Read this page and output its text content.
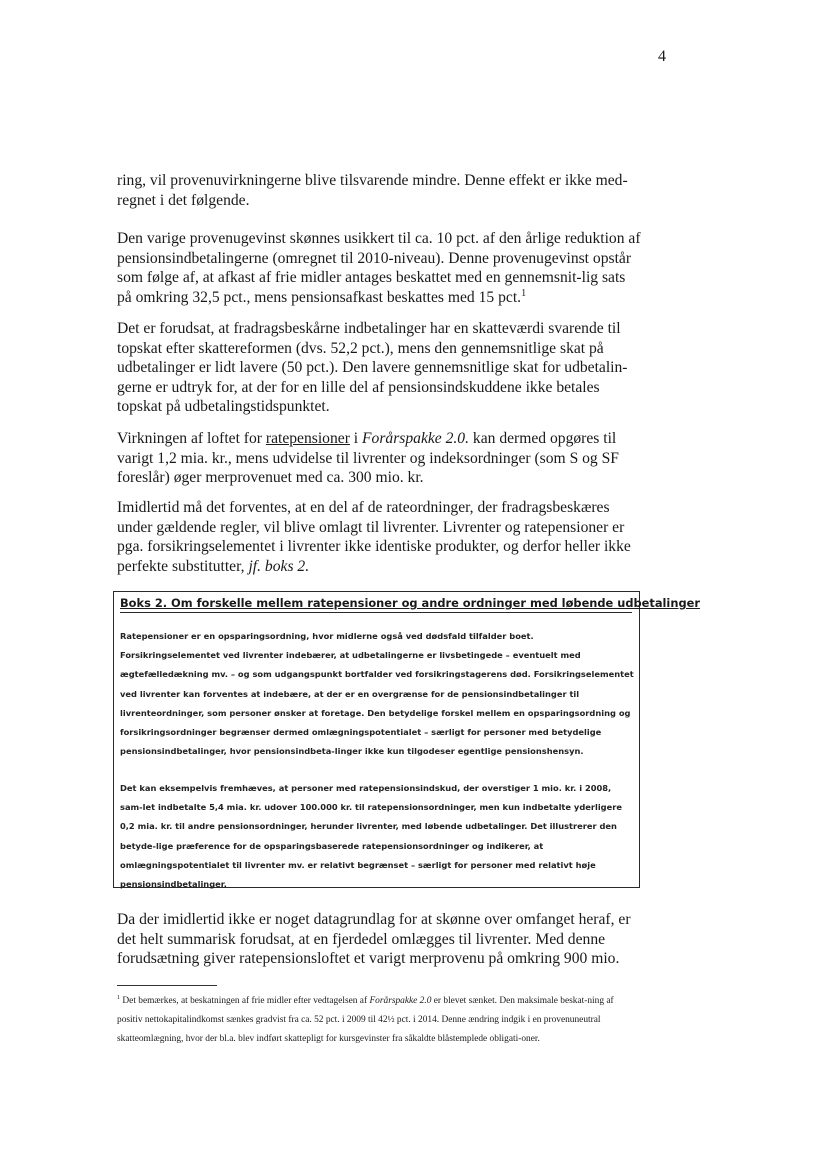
4

ring, vil provenuvirkningerne blive tilsvarende mindre. Denne effekt er ikke med-regnet i det følgende.

Den varige provenugevinst skønnes usikkert til ca. 10 pct. af den årlige reduktion af pensionsindbetalingerne (omregnet til 2010-niveau). Denne provenugevinst opstår som følge af, at afkast af frie midler antages beskattet med en gennemsnit-lig sats på omkring 32,5 pct., mens pensionsafkast beskattes med 15 pct.$^1$

Det er forudsat, at fradragsbeskårne indbetalinger har en skatteværdi svarende til topskat efter skattereformen (dvs. 52,2 pct.), mens den gennemsnitlige skat på udbetalinger er lidt lavere (50 pct.). Den lavere gennemsnitlige skat for udbetalin-gerne er udtryk for, at der for en lille del af pensionsindskuddene ikke betales topskat på udbetalingstidspunktet.

Virkningen af loftet for ratepensioner i Forårspakke 2.0. kan dermed opgøres til varigt 1,2 mia. kr., mens udvidelse til livrenter og indeksordninger (som S og SF foreslår) øger merprovenuet med ca. 300 mio. kr.

Imidlertid må det forventes, at en del af de rateordninger, der fradragsbeskæres under gældende regler, vil blive omlagt til livrenter. Livrenter og ratepensioner er pga. forsikringselementet i livrenter ikke identiske produkter, og derfor heller ikke perfekte substitutter, jf. boks 2.

Boks 2. Om forskelle mellem ratepensioner og andre ordninger med løbende udbetalinger

Ratepensioner er en opsparingsordning, hvor midlerne også ved dødsfald tilfalder boet. Forsikringselementet ved livrenter indebærer, at udbetalingerne er livsbetingede – eventuelt med ægtefælledækning mv. – og som udgangspunkt bortfalder ved forsikringstagerens død. Forsikringselementet ved livrenter kan forventes at indebære, at der er en overgrænse for de pensionsindbetalinger til livrenteordninger, som personer ønsker at foretage. Den betydelige forskel mellem en opsparingsordning og forsikringsordninger begrænser dermed omlægningspotentialet – særligt for personer med betydelige pensionsindbetalinger, hvor pensionsindbeta-linger ikke kun tilgodeser egentlige pensionshensyn.

Det kan eksempelvis fremhæves, at personer med ratepensionsindskud, der overstiger 1 mio. kr. i 2008, sam-let indbetalte 5,4 mia. kr. udover 100.000 kr. til ratepensionsordninger, men kun indbetalte yderligere 0,2 mia. kr. til andre pensionsordninger, herunder livrenter, med løbende udbetalinger. Det illustrerer den betyde-lige præference for de opsparingsbaserede ratepensionsordninger og indikerer, at omlægningspotentialet til livrenter mv. er relativt begrænset – særligt for personer med relativt høje pensionsindbetalinger.

Da der imidlertid ikke er noget datagrundlag for at skønne over omfanget heraf, er det helt summarisk forudsat, at en fjerdedel omlægges til livrenter. Med denne forudsætning giver ratepensionsloftet et varigt merprovenu på omkring 900 mio.

$^1$ Det bemærkes, at beskatningen af frie midler efter vedtagelsen af Forårspakke 2.0 er blevet sænket. Den maksimale beskat-ning af positiv nettokapitalindkomst sænkes gradvist fra ca. 52 pct. i 2009 til 42½ pct. i 2014. Denne ændring indgik i en provenuneutral skatteomlægning, hvor der bl.a. blev indført skattepligt for kursgevinster fra såkaldte blåstemplede obligati-oner.
